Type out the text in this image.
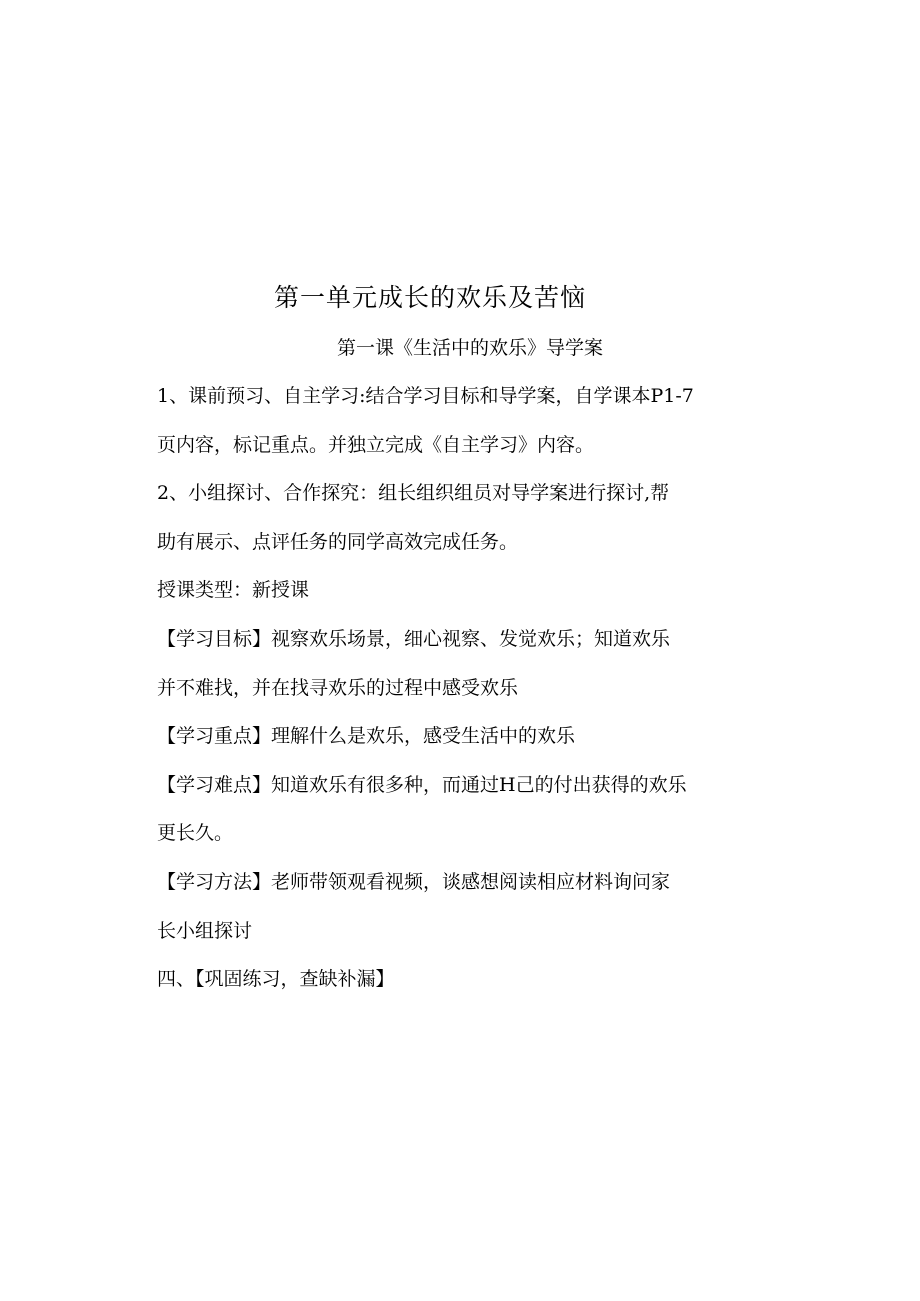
第一单元成长的欢乐及苦恼
第一课《生活中的欢乐》导学案
1、课前预习、自主学习:结合学习目标和导学案，自学课本P1-7
页内容，标记重点。并独立完成《自主学习》内容。
2、小组探讨、合作探究：组长组织组员对导学案进行探讨,帮
助有展示、点评任务的同学高效完成任务。
授课类型：新授课
【学习目标】视察欢乐场景，细心视察、发觉欢乐；知道欢乐
并不难找，并在找寻欢乐的过程中感受欢乐
【学习重点】理解什么是欢乐，感受生活中的欢乐
【学习难点】知道欢乐有很多种，而通过H己的付出获得的欢乐
更长久。
【学习方法】老师带领观看视频，谈感想阅读相应材料询问家
长小组探讨
四、【巩固练习，查缺补漏】
